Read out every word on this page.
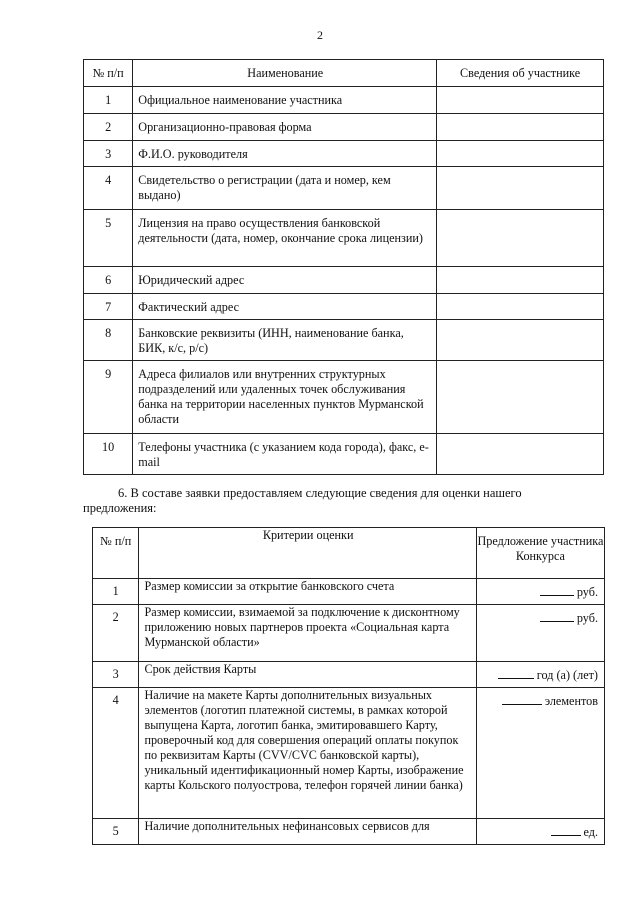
2
№ п/п	Наименование	Сведения об участнике
1	Официальное наименование участника	
2	Организационно-правовая форма	
3	Ф.И.О. руководителя	
4	Свидетельство о регистрации (дата и номер, кем выдано)	
5	Лицензия на право осуществления банковской деятельности (дата, номер, окончание срока лицензии)	
6	Юридический адрес	
7	Фактический адрес	
8	Банковские реквизиты (ИНН, наименование банка, БИК, к/с, р/с)	
9	Адреса филиалов или внутренних структурных подразделений или удаленных точек обслуживания банка на территории населенных пунктов Мурманской области	
10	Телефоны участника (с указанием кода города), факс, e-mail	
6. В составе заявки предоставляем следующие сведения для оценки нашего
предложения:
№ п/п	Критерии оценки	Предложение участника Конкурса
1	Размер комиссии за открытие банковского счета	руб.
2	Размер комиссии, взимаемой за подключение к дисконтному приложению новых партнеров проекта «Социальная карта Мурманской области»	руб.
3	Срок действия Карты	год (а) (лет)
4	Наличие на макете Карты дополнительных визуальных элементов (логотип платежной системы, в рамках которой выпущена Карта, логотип банка, эмитировавшего Карту, проверочный код для совершения операций оплаты покупок по реквизитам Карты (CVV/CVC банковской карты), уникальный идентификационный номер Карты, изображение карты Кольского полуострова, телефон горячей линии банка)	элементов
5	Наличие дополнительных нефинансовых сервисов для	ед.
